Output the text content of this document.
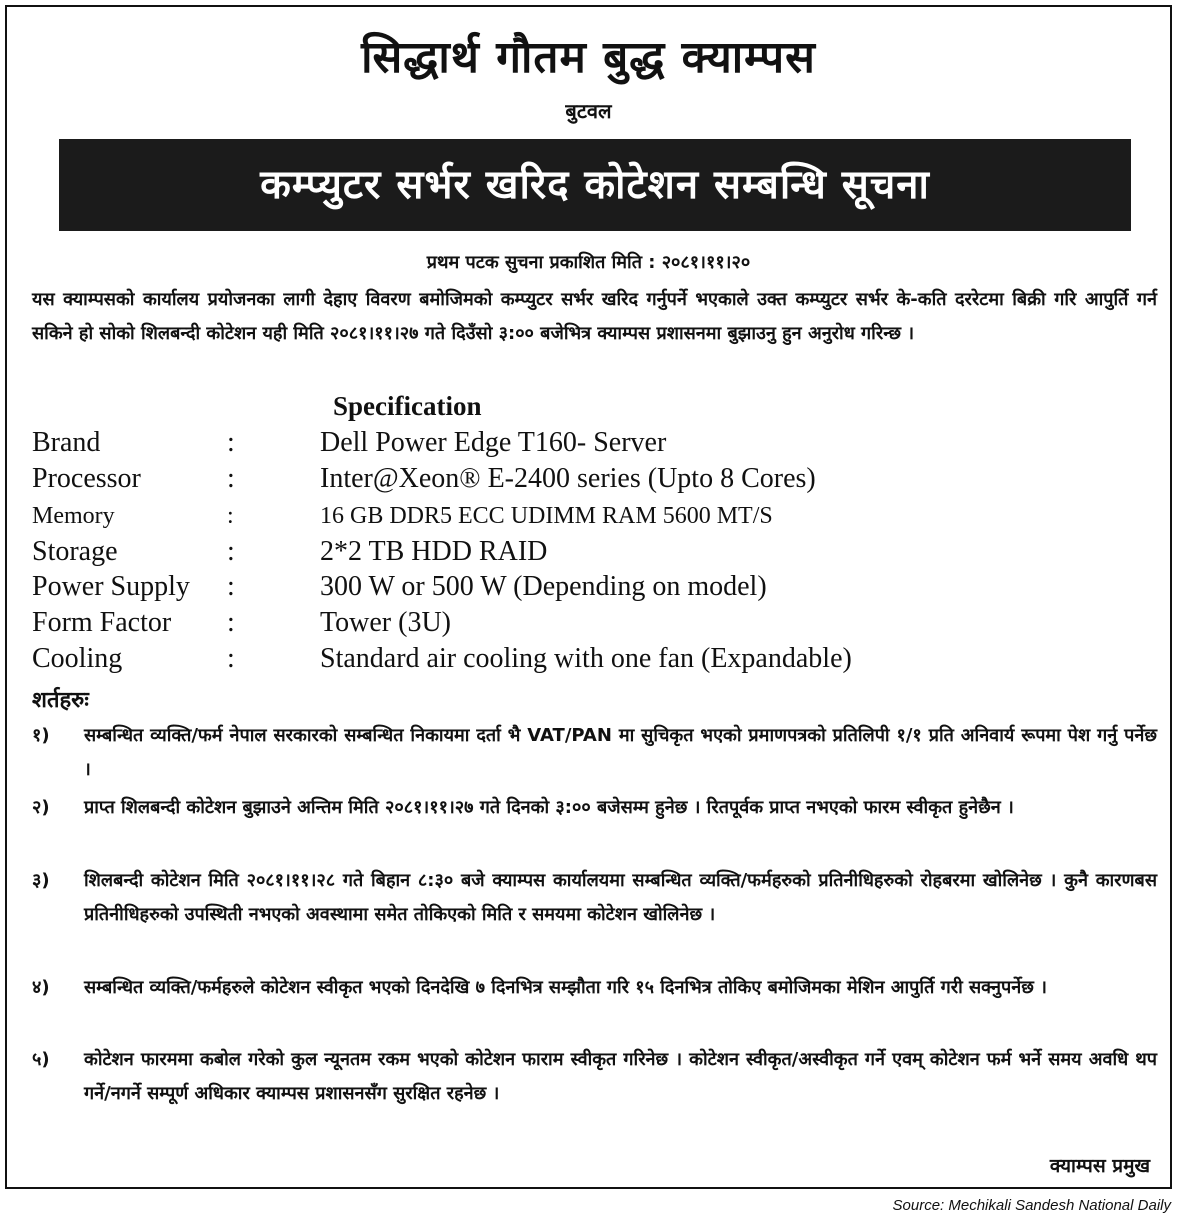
सिद्धार्थ गौतम बुद्ध क्याम्पस
बुटवल
कम्प्युटर सर्भर खरिद कोटेशन सम्बन्धि सूचना
प्रथम पटक सुचना प्रकाशित मिति : २०८१।११।२०
यस क्याम्पसको कार्यालय प्रयोजनका लागी देहाए विवरण बमोजिमको कम्प्युटर सर्भर खरिद गर्नुपर्ने भएकाले उक्त कम्प्युटर सर्भर के-कति दररेटमा बिक्री गरि आपुर्ति गर्न सकिने हो सोको शिलबन्दी कोटेशन यही मिति २०८१।११।२७ गते दिउँसो ३:०० बजेभित्र क्याम्पस प्रशासनमा बुझाउनु हुन अनुरोध गरिन्छ ।
Specification
Brand	:	Dell Power Edge T160- Server
Processor	:	Inter@Xeon® E-2400 series (Upto 8 Cores)
Memory	:	16 GB DDR5 ECC UDIMM RAM 5600 MT/S
Storage	:	2*2 TB HDD RAID
Power Supply :	300 W or 500 W (Depending on model)
Form Factor :	Tower (3U)
Cooling	:	Standard air cooling with one fan (Expandable)
शर्तहरुः
१)	सम्बन्धित व्यक्ति/फर्म नेपाल सरकारको सम्बन्धित निकायमा दर्ता भै VAT/PAN मा सुचिकृत भएको प्रमाणपत्रको प्रतिलिपी १/१ प्रति अनिवार्य रूपमा पेश गर्नु पर्नेछ ।
२)	प्राप्त शिलबन्दी कोटेशन बुझाउने अन्तिम मिति २०८१।११।२७ गते दिनको ३:०० बजेसम्म हुनेछ । रितपूर्वक प्राप्त नभएको फारम स्वीकृत हुनेछैन ।
३)	शिलबन्दी कोटेशन मिति २०८१।११।२८ गते बिहान ८:३० बजे क्याम्पस कार्यालयमा सम्बन्धित व्यक्ति/फर्महरुको प्रतिनीधिहरुको रोहबरमा खोलिनेछ । कुनै कारणबस प्रतिनीधिहरुको उपस्थिती नभएको अवस्थामा समेत तोकिएको मिति र समयमा कोटेशन खोलिनेछ ।
४)	सम्बन्धित व्यक्ति/फर्महरुले कोटेशन स्वीकृत भएको दिनदेखि ७ दिनभित्र सम्झौता गरि १५ दिनभित्र तोकिए बमोजिमका मेशिन आपुर्ति गरी सक्नुपर्नेछ ।
५)	कोटेशन फारममा कबोल गरेको कुल न्यूनतम रकम भएको कोटेशन फाराम स्वीकृत गरिनेछ । कोटेशन स्वीकृत/अस्वीकृत गर्ने एवम् कोटेशन फर्म भर्ने समय अवधि थप गर्ने/नगर्ने सम्पूर्ण अधिकार क्याम्पस प्रशासनसँग सुरक्षित रहनेछ ।
क्याम्पस प्रमुख
Source: Mechikali Sandesh National Daily
